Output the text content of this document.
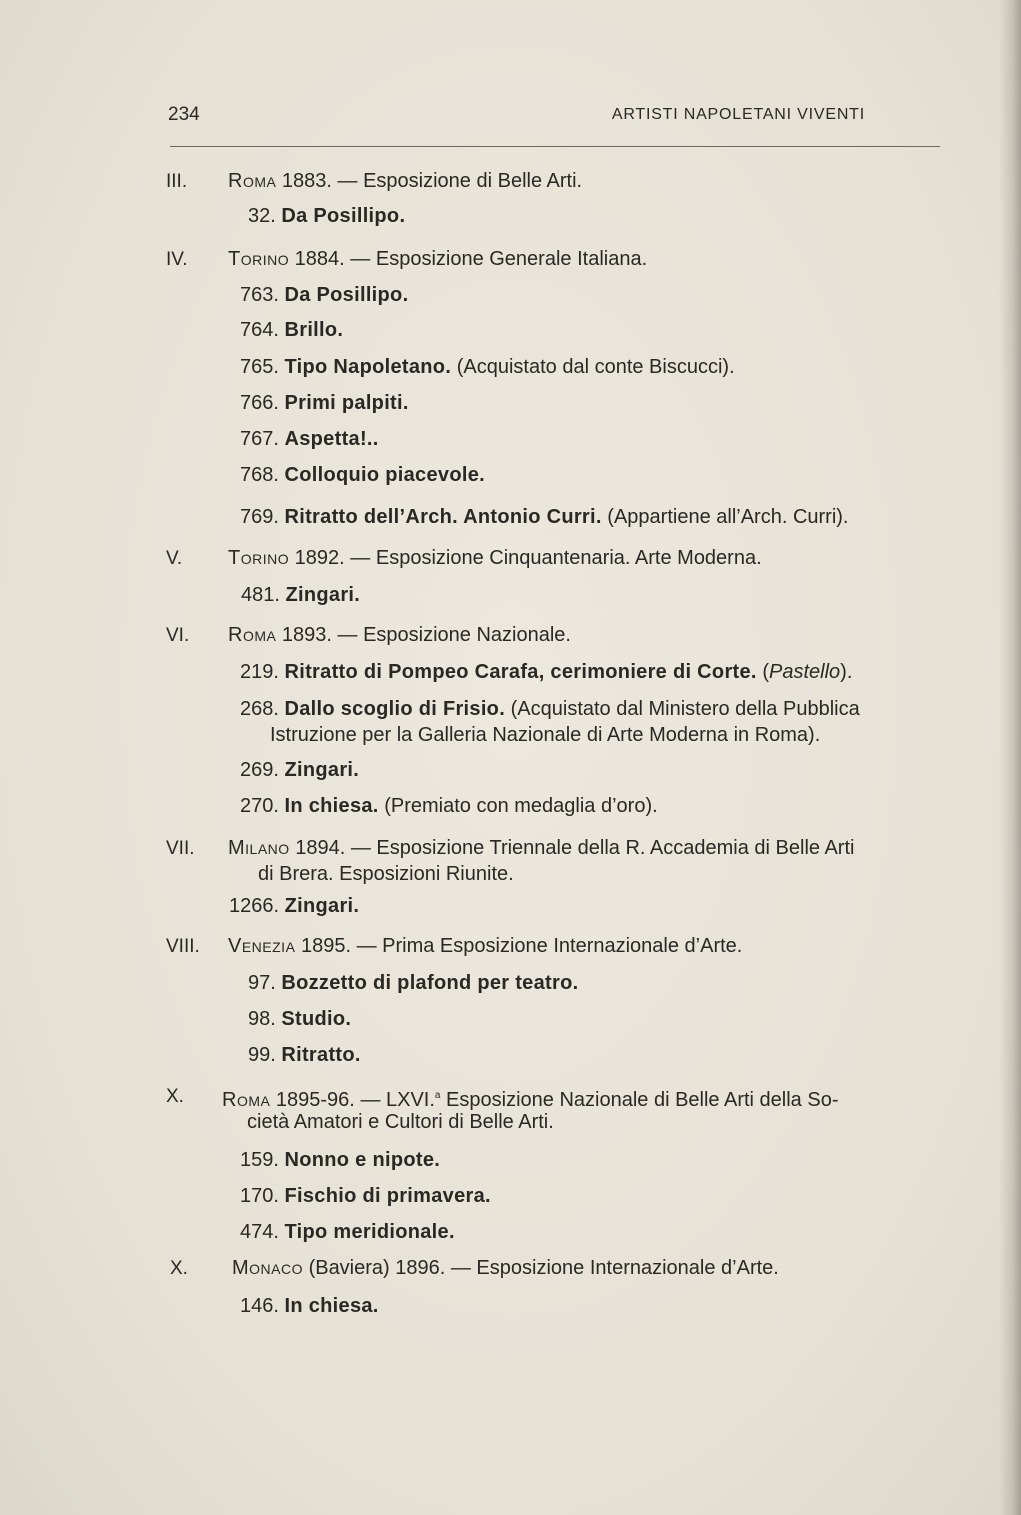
234	ARTISTI NAPOLETANI VIVENTI
III. Roma 1883. — Esposizione di Belle Arti.
32. Da Posillipo.
IV. Torino 1884. — Esposizione Generale Italiana.
763. Da Posillipo.
764. Brillo.
765. Tipo Napoletano. (Acquistato dal conte Biscucci).
766. Primi palpiti.
767. Aspetta!..
768. Colloquio piacevole.
769. Ritratto dell’Arch. Antonio Curri. (Appartiene all’Arch. Curri).
V. Torino 1892. — Esposizione Cinquantenaria. Arte Moderna.
481. Zingari.
VI. Roma 1893. — Esposizione Nazionale.
219. Ritratto di Pompeo Carafa, cerimoniere di Corte. (Pastello).
268. Dallo scoglio di Frisio. (Acquistato dal Ministero della Pubblica
Istruzione per la Galleria Nazionale di Arte Moderna in Roma).
269. Zingari.
270. In chiesa. (Premiato con medaglia d’oro).
VII. Milano 1894. — Esposizione Triennale della R. Accademia di Belle Arti
di Brera. Esposizioni Riunite.
1266. Zingari.
VIII. Venezia 1895. — Prima Esposizione Internazionale d’Arte.
97. Bozzetto di plafond per teatro.
98. Studio.
99. Ritratto.
X. Roma 1895-96. — LXVI.$^a$ Esposizione Nazionale di Belle Arti della So-
cietà Amatori e Cultori di Belle Arti.
159. Nonno e nipote.
170. Fischio di primavera.
474. Tipo meridionale.
X. Monaco (Baviera) 1896. — Esposizione Internazionale d’Arte.
146. In chiesa.
